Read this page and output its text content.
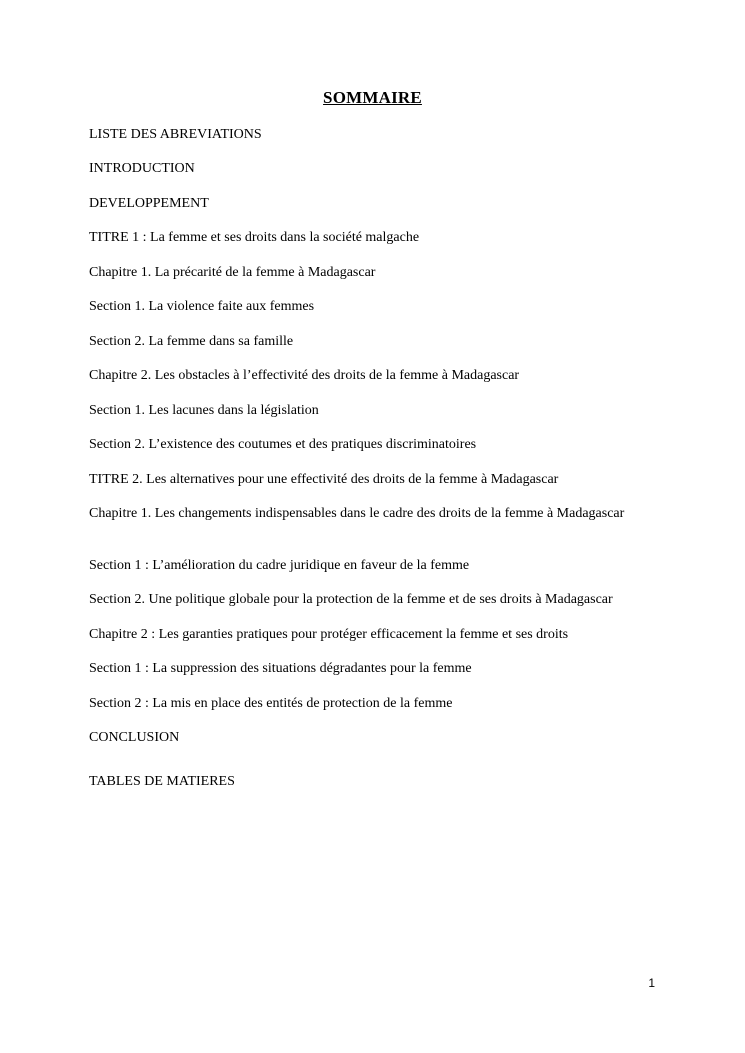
SOMMAIRE
LISTE DES ABREVIATIONS
INTRODUCTION
DEVELOPPEMENT
TITRE 1 : La femme et ses droits dans la société malgache
Chapitre 1. La précarité de la femme à Madagascar
Section 1. La violence faite aux femmes
Section 2. La femme dans sa famille
Chapitre 2. Les obstacles à l’effectivité des droits de la femme à Madagascar
Section 1. Les lacunes dans la législation
Section 2. L’existence des coutumes et des pratiques discriminatoires
TITRE 2. Les alternatives pour une effectivité des droits de la femme à Madagascar
Chapitre 1. Les changements indispensables dans le cadre des droits de la femme à Madagascar
Section 1 : L’amélioration du cadre juridique en faveur de la femme
Section 2. Une politique globale pour la protection de la femme et de ses droits à Madagascar
Chapitre 2 : Les garanties pratiques pour protéger efficacement la femme et ses droits
Section 1 : La suppression des situations dégradantes pour la femme
Section 2 : La mis en place des entités de protection de la femme
CONCLUSION
TABLES DE MATIERES
1
